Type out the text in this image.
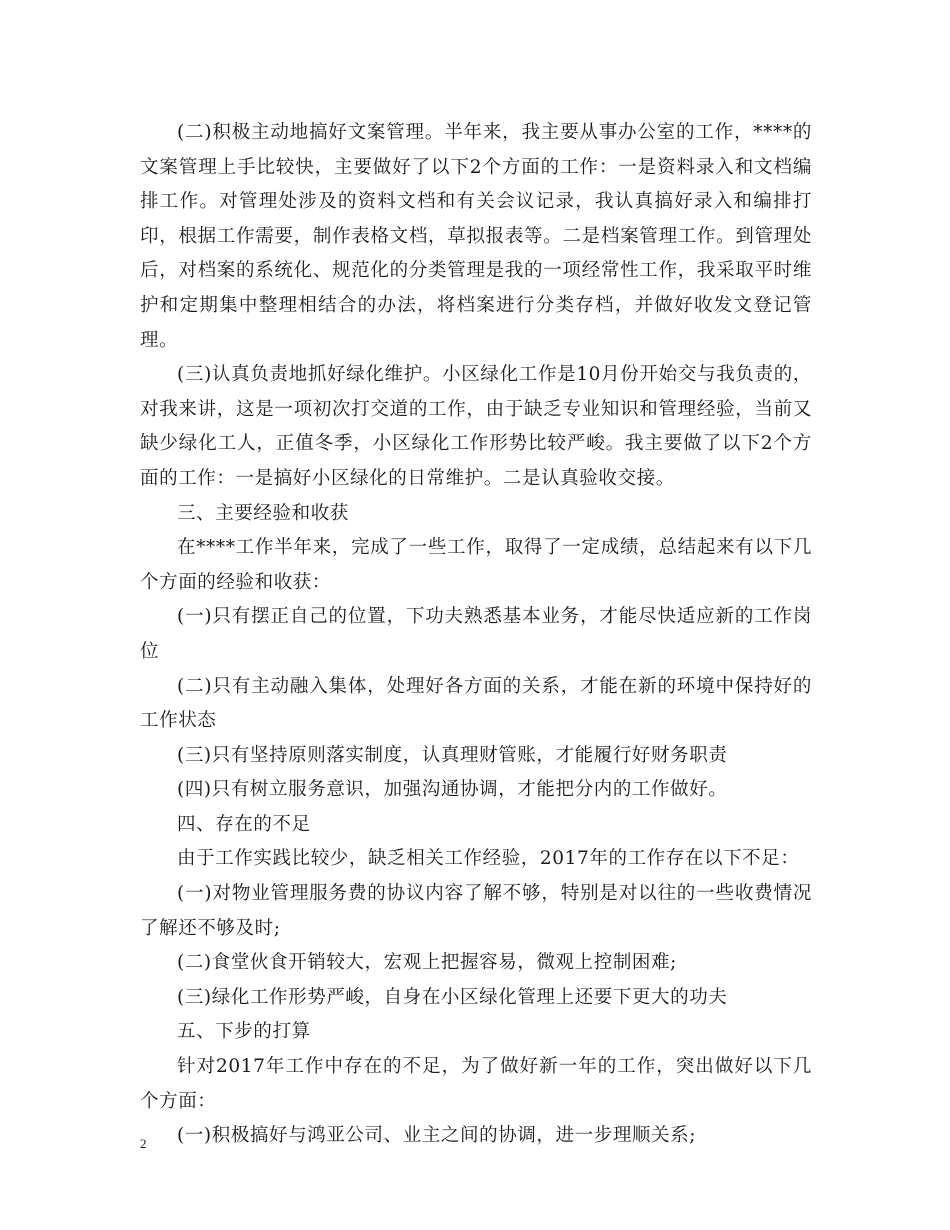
(二)积极主动地搞好文案管理。半年来，我主要从事办公室的工作，****的文案管理上手比较快，主要做好了以下2个方面的工作：一是资料录入和文档编排工作。对管理处涉及的资料文档和有关会议记录，我认真搞好录入和编排打印，根据工作需要，制作表格文档，草拟报表等。二是档案管理工作。到管理处后，对档案的系统化、规范化的分类管理是我的一项经常性工作，我采取平时维护和定期集中整理相结合的办法，将档案进行分类存档，并做好收发文登记管理。

(三)认真负责地抓好绿化维护。小区绿化工作是10月份开始交与我负责的，对我来讲，这是一项初次打交道的工作，由于缺乏专业知识和管理经验，当前又缺少绿化工人，正值冬季，小区绿化工作形势比较严峻。我主要做了以下2个方面的工作：一是搞好小区绿化的日常维护。二是认真验收交接。

三、主要经验和收获

在****工作半年来，完成了一些工作，取得了一定成绩，总结起来有以下几个方面的经验和收获：

(一)只有摆正自己的位置，下功夫熟悉基本业务，才能尽快适应新的工作岗位

(二)只有主动融入集体，处理好各方面的关系，才能在新的环境中保持好的工作状态

(三)只有坚持原则落实制度，认真理财管账，才能履行好财务职责

(四)只有树立服务意识，加强沟通协调，才能把分内的工作做好。

四、存在的不足

由于工作实践比较少，缺乏相关工作经验，2017年的工作存在以下不足：

(一)对物业管理服务费的协议内容了解不够，特别是对以往的一些收费情况了解还不够及时;

(二)食堂伙食开销较大，宏观上把握容易，微观上控制困难;

(三)绿化工作形势严峻，自身在小区绿化管理上还要下更大的功夫

五、下步的打算

针对2017年工作中存在的不足，为了做好新一年的工作，突出做好以下几个方面：

(一)积极搞好与鸿亚公司、业主之间的协调，进一步理顺关系;

2
